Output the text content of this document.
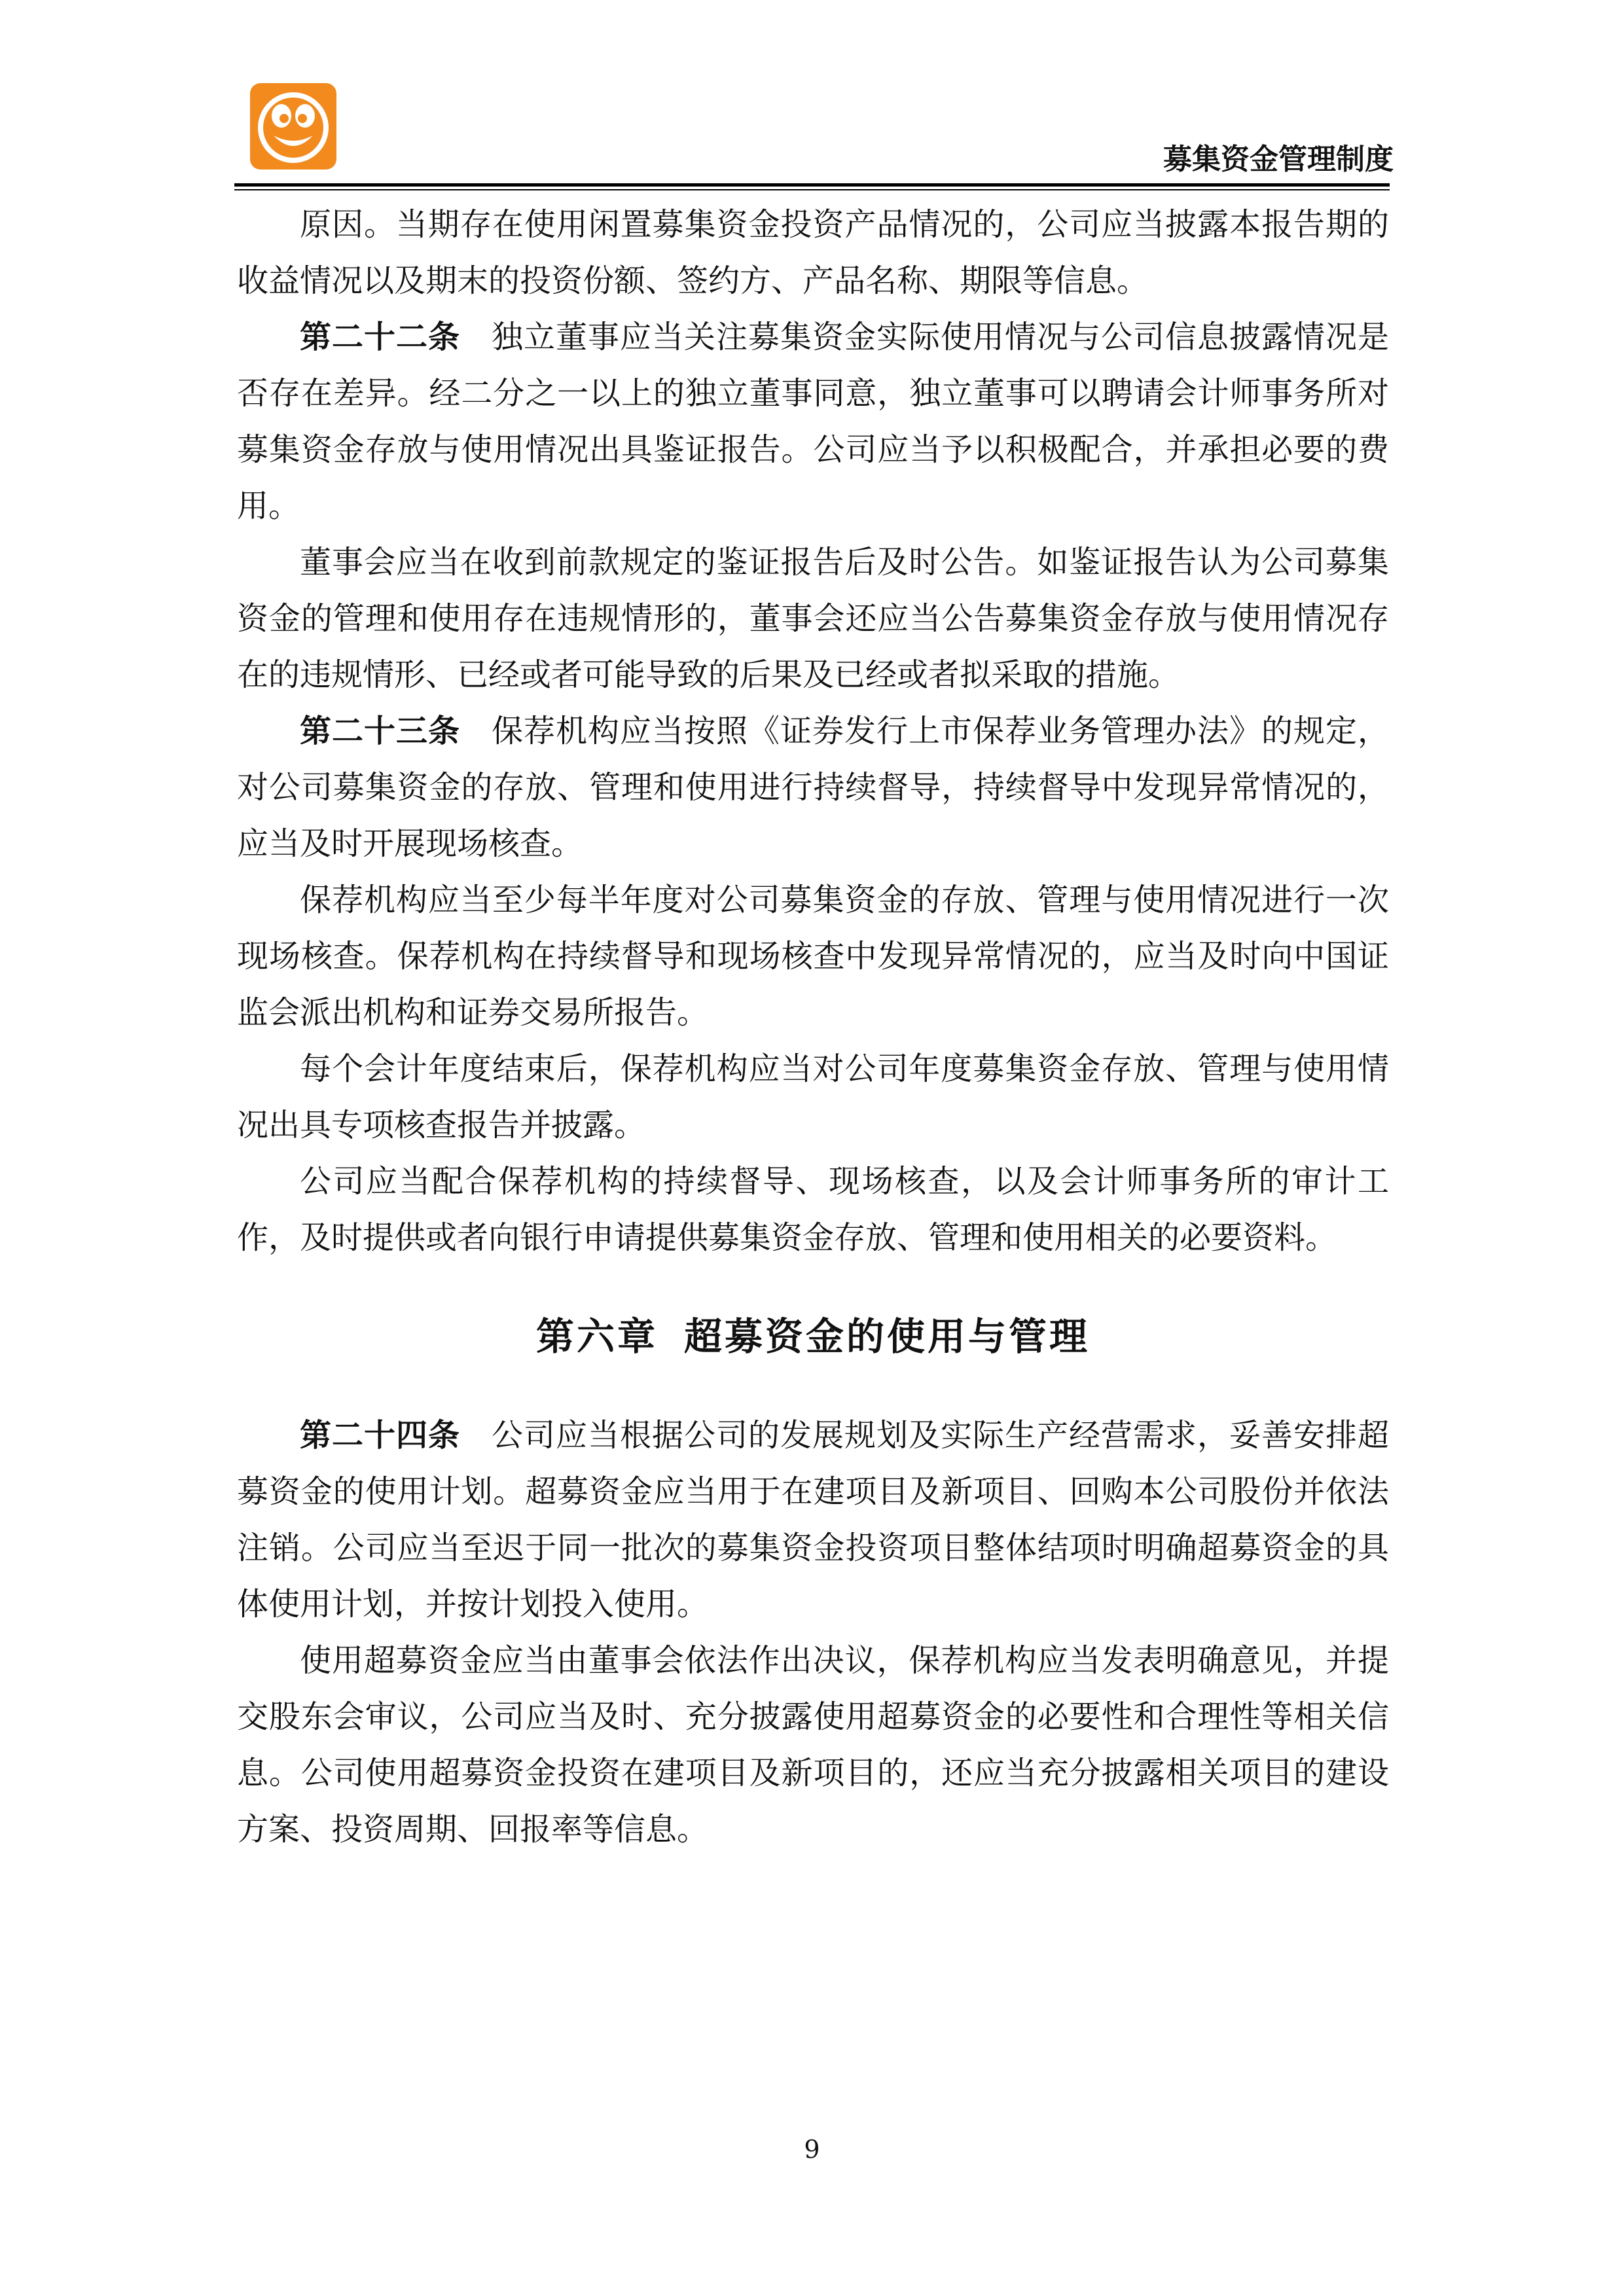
募集资金管理制度

原因。当期存在使用闲置募集资金投资产品情况的，公司应当披露本报告期的收益情况以及期末的投资份额、签约方、产品名称、期限等信息。

第二十二条 独立董事应当关注募集资金实际使用情况与公司信息披露情况是否存在差异。经二分之一以上的独立董事同意，独立董事可以聘请会计师事务所对募集资金存放与使用情况出具鉴证报告。公司应当予以积极配合，并承担必要的费用。

董事会应当在收到前款规定的鉴证报告后及时公告。如鉴证报告认为公司募集资金的管理和使用存在违规情形的，董事会还应当公告募集资金存放与使用情况存在的违规情形、已经或者可能导致的后果及已经或者拟采取的措施。

第二十三条 保荐机构应当按照《证券发行上市保荐业务管理办法》的规定，对公司募集资金的存放、管理和使用进行持续督导，持续督导中发现异常情况的，应当及时开展现场核查。

保荐机构应当至少每半年度对公司募集资金的存放、管理与使用情况进行一次现场核查。保荐机构在持续督导和现场核查中发现异常情况的，应当及时向中国证监会派出机构和证券交易所报告。

每个会计年度结束后，保荐机构应当对公司年度募集资金存放、管理与使用情况出具专项核查报告并披露。

公司应当配合保荐机构的持续督导、现场核查，以及会计师事务所的审计工作，及时提供或者向银行申请提供募集资金存放、管理和使用相关的必要资料。

第六章 超募资金的使用与管理

第二十四条 公司应当根据公司的发展规划及实际生产经营需求，妥善安排超募资金的使用计划。超募资金应当用于在建项目及新项目、回购本公司股份并依法注销。公司应当至迟于同一批次的募集资金投资项目整体结项时明确超募资金的具体使用计划，并按计划投入使用。

使用超募资金应当由董事会依法作出决议，保荐机构应当发表明确意见，并提交股东会审议，公司应当及时、充分披露使用超募资金的必要性和合理性等相关信息。公司使用超募资金投资在建项目及新项目的，还应当充分披露相关项目的建设方案、投资周期、回报率等信息。

9
